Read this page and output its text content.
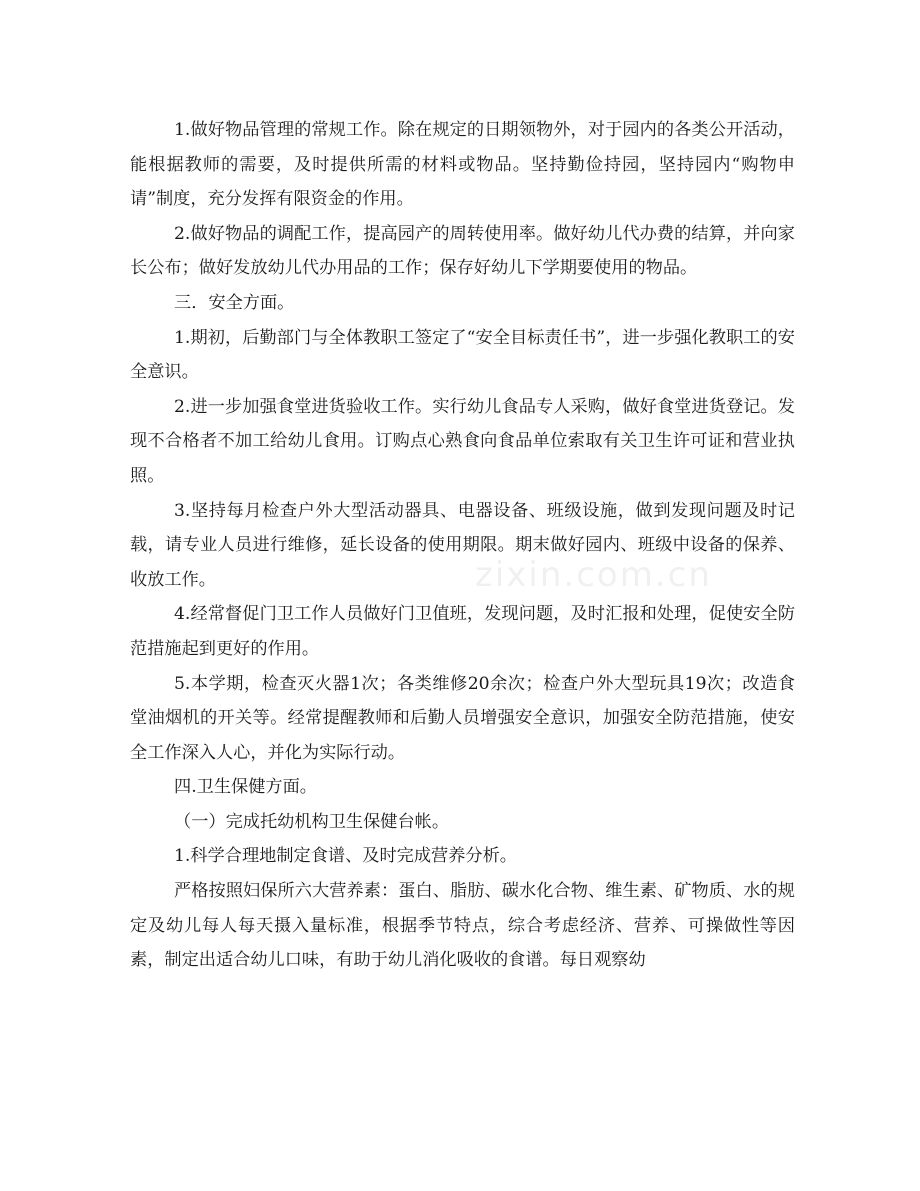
1.做好物品管理的常规工作。除在规定的日期领物外，对于园内的各类公开活动，能根据教师的需要，及时提供所需的材料或物品。坚持勤俭持园，坚持园内“购物申请”制度，充分发挥有限资金的作用。

2.做好物品的调配工作，提高园产的周转使用率。做好幼儿代办费的结算，并向家长公布；做好发放幼儿代办用品的工作；保存好幼儿下学期要使用的物品。

三．安全方面。

1.期初，后勤部门与全体教职工签定了“安全目标责任书”，进一步强化教职工的安全意识。

2.进一步加强食堂进货验收工作。实行幼儿食品专人采购，做好食堂进货登记。发现不合格者不加工给幼儿食用。订购点心熟食向食品单位索取有关卫生许可证和营业执照。

3.坚持每月检查户外大型活动器具、电器设备、班级设施，做到发现问题及时记载，请专业人员进行维修，延长设备的使用期限。期末做好园内、班级中设备的保养、收放工作。

4.经常督促门卫工作人员做好门卫值班，发现问题，及时汇报和处理，促使安全防范措施起到更好的作用。

5.本学期，检查灭火器1次；各类维修20余次；检查户外大型玩具19次；改造食堂油烟机的开关等。经常提醒教师和后勤人员增强安全意识，加强安全防范措施，使安全工作深入人心，并化为实际行动。

四.卫生保健方面。

（一）完成托幼机构卫生保健台帐。

1.科学合理地制定食谱、及时完成营养分析。

严格按照妇保所六大营养素：蛋白、脂肪、碳水化合物、维生素、矿物质、水的规定及幼儿每人每天摄入量标准，根据季节特点，综合考虑经济、营养、可操做性等因素，制定出适合幼儿口味，有助于幼儿消化吸收的食谱。每日观察幼

zixin.com.cn
